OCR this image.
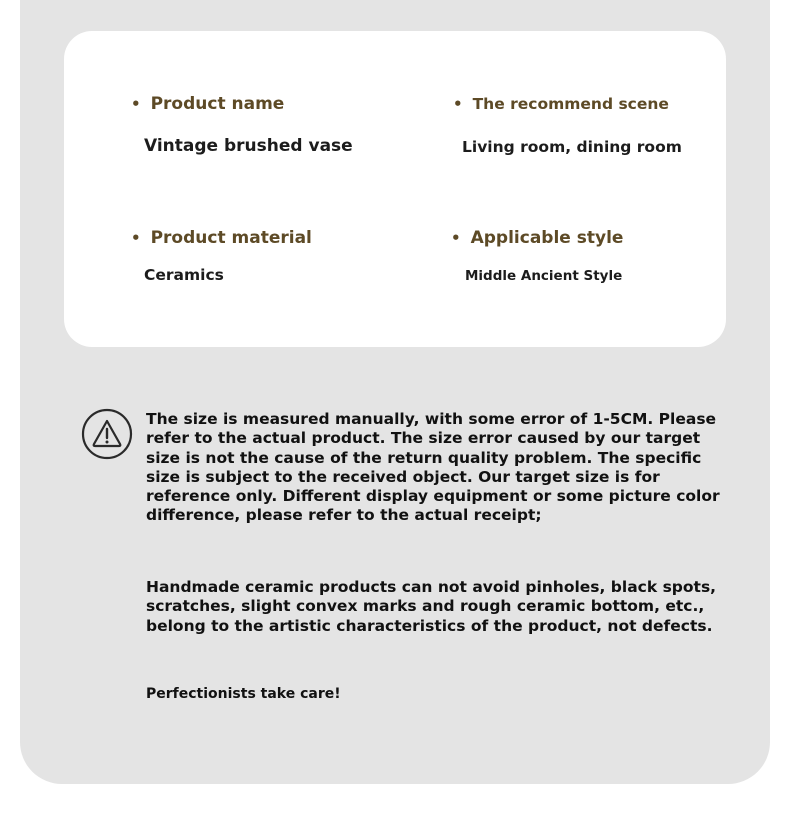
• Product name
Vintage brushed vase
• The recommend scene
Living room, dining room
• Product material
Ceramics
• Applicable style
Middle Ancient Style
The size is measured manually, with some error of 1-5CM. Please refer to the actual product. The size error caused by our target size is not the cause of the return quality problem. The specific size is subject to the received object. Our target size is for reference only. Different display equipment or some picture color difference, please refer to the actual receipt;
Handmade ceramic products can not avoid pinholes, black spots, scratches, slight convex marks and rough ceramic bottom, etc., belong to the artistic characteristics of the product, not defects.
Perfectionists take care!
